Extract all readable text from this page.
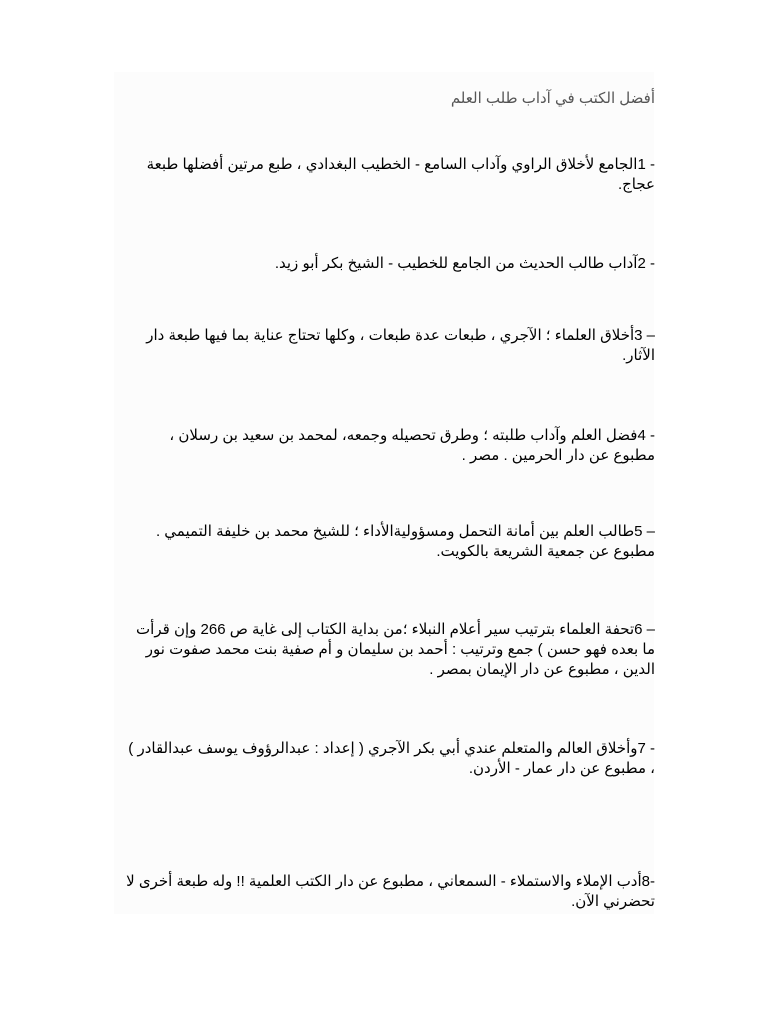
أفضل الكتب في آداب طلب العلم

- 1الجامع لأخلاق الراوي وآداب السامع - الخطيب البغدادي ، طبع مرتين أفضلها طبعة عجاج.

- 2آداب طالب الحديث من الجامع للخطيب - الشيخ بكر أبو زيد.

– 3أخلاق العلماء ؛ الآجري ، طبعات عدة طبعات ، وكلها تحتاج عناية بما فيها طبعة دار الآثار.

- 4فضل العلم وآداب طلبته ؛ وطرق تحصيله وجمعه، لمحمد بن سعيد بن رسلان ، مطبوع عن دار الحرمين . مصر .

– 5طالب العلم بين أمانة التحمل ومسؤوليةالأداء ؛ للشيخ محمد بن خليفة التميمي . مطبوع عن جمعية الشريعة بالكويت.

– 6تحفة العلماء بترتيب سير أعلام النبلاء ؛من بداية الكتاب إلى غاية ص 266 وإن قرأت ما بعده فهو حسن ) جمع وترتيب : أحمد بن سليمان و أم صفية بنت محمد صفوت نور الدين ، مطبوع عن دار الإيمان بمصر .

- 7وأخلاق العالم والمتعلم عندي أبي بكر الآجري ( إعداد : عبدالرؤوف يوسف عبدالقادر ) ، مطبوع عن دار عمار - الأردن.

-8أدب الإملاء والاستملاء - السمعاني ، مطبوع عن دار الكتب العلمية !! وله طبعة أخرى لا تحضرني الآن.
